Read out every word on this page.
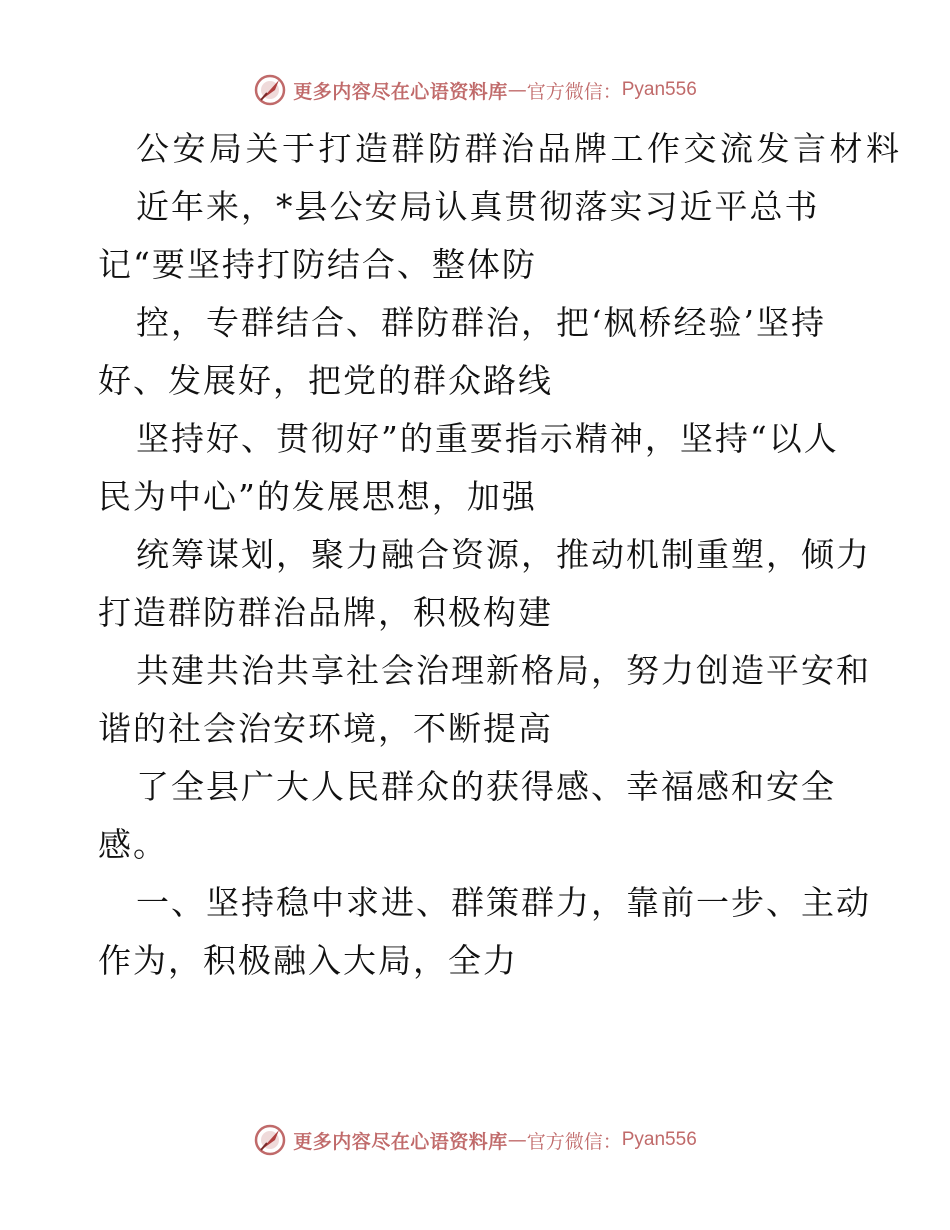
更多内容尽在心语资料库 — 官方微信： Pyan556
公安局关于打造群防群治品牌工作交流发言材料
近年来，*县公安局认真贯彻落实习近平总书
记“要坚持打防结合、整体防
控，专群结合、群防群治，把‘枫桥经验’坚持
好、发展好，把党的群众路线
坚持好、贯彻好”的重要指示精神，坚持“以人
民为中心”的发展思想，加强
统筹谋划，聚力融合资源，推动机制重塑，倾力
打造群防群治品牌，积极构建
共建共治共享社会治理新格局，努力创造平安和
谐的社会治安环境，不断提高
了全县广大人民群众的获得感、幸福感和安全
感。
一、坚持稳中求进、群策群力，靠前一步、主动
作为，积极融入大局，全力
更多内容尽在心语资料库 — 官方微信： Pyan556
